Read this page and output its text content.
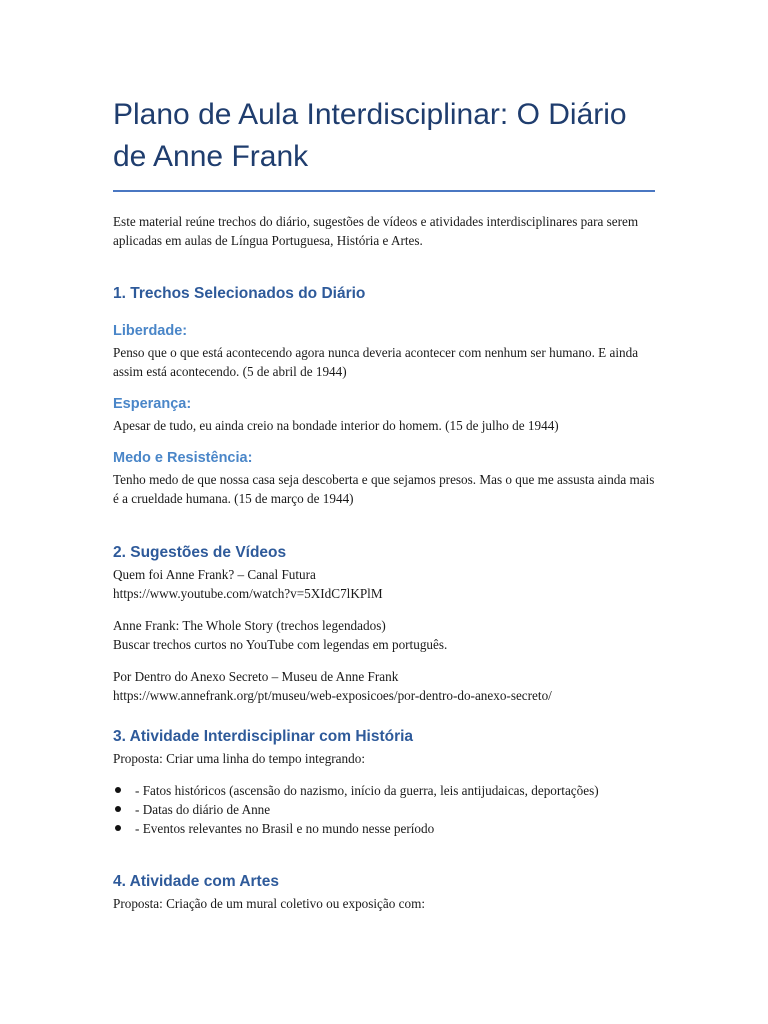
Plano de Aula Interdisciplinar: O Diário de Anne Frank

Este material reúne trechos do diário, sugestões de vídeos e atividades interdisciplinares para serem aplicadas em aulas de Língua Portuguesa, História e Artes.

1. Trechos Selecionados do Diário
Liberdade:

Penso que o que está acontecendo agora nunca deveria acontecer com nenhum ser humano. E ainda assim está acontecendo. (5 de abril de 1944)

Esperança:

Apesar de tudo, eu ainda creio na bondade interior do homem. (15 de julho de 1944)

Medo e Resistência:

Tenho medo de que nossa casa seja descoberta e que sejamos presos. Mas o que me assusta ainda mais é a crueldade humana. (15 de março de 1944)

2. Sugestões de Vídeos

Quem foi Anne Frank? – Canal Futura

https://www.youtube.com/watch?v=5XIdC7lKPlM

Anne Frank: The Whole Story (trechos legendados)

Buscar trechos curtos no YouTube com legendas em português.

Por Dentro do Anexo Secreto – Museu de Anne Frank

https://www.annefrank.org/pt/museu/web-exposicoes/por-dentro-do-anexo-secreto/

3. Atividade Interdisciplinar com História

Proposta: Criar uma linha do tempo integrando:

- Fatos históricos (ascensão do nazismo, início da guerra, leis antijudaicas, deportações)
- Datas do diário de Anne
- Eventos relevantes no Brasil e no mundo nesse período
4. Atividade com Artes

Proposta: Criação de um mural coletivo ou exposição com:
